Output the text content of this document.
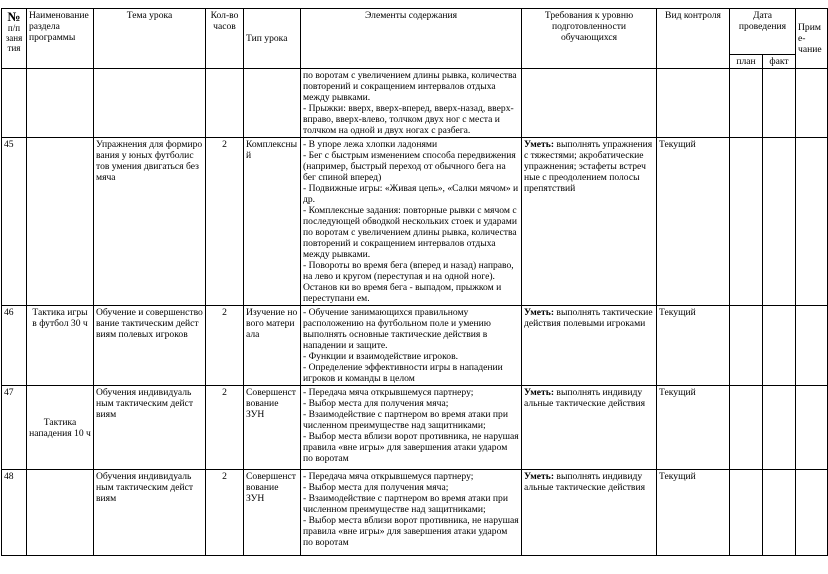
№
п/п занятия	Наименование раздела программы	Тема урока	Кол-во часов	Тип урока	Элементы содержания	Требования к уровню подготовленности обучающихся	Вид контроля	Дата проведения		Приме-чание
								план	факт	

					по воротам с увеличением длины рывка, количества повторений и сокращением интервалов отдыха между рывками.
- Прыжки: вверх, вверх-вперед, вверх-назад, вверх-вправо, вверх-влево, толчком двух ног с места и толчком на одной и двух ногах с разбега.					

45		Упражнения для формиро вания у юных футболис тов умения двигаться без мяча	2	Комплексный	- В упоре лежа хлопки ладонями
- Бег с быстрым изменением способа передвижения (например, быстрый переход от обычного бега на бег спиной вперед)
- Подвижные игры: «Живая цепь», «Салки мячом» и др.
- Комплексные задания: повторные рывки с мячом с последующей обводкой нескольких стоек и ударами по воротам с увеличением длины рывка, количества повторений и сокращением интервалов отдыха между рывками.
- Повороты во время бега (вперед и назад) направо, на лево и кругом (переступая и на одной ноге). Останов ки во время бега - выпадом, прыжком и переступани ем.	Уметь: выполнять упражнения с тяжестями; акробатические упражнения; эстафеты встреч ные с преодолением полосы препятствий	Текущий			
46	Тактика игры в футбол 30 ч	Обучение и совершенство вание тактическим дейст виям полевых игроков	2	Изучение но вого матери ала	- Обучение занимающихся правильному расположению на футбольном поле и умению выполнять основные тактические действия в нападении и защите.
- Функции и взаимодействие игроков.
- Определение эффективности игры в нападении игроков и команды в целом	Уметь: выполнять тактические действия полевыми игроками	Текущий			
47	Тактика нападения 10 ч	Обучения индивидуаль ным тактическим дейст виям	2	Совершенст вование ЗУН	- Передача мяча открывшемуся партнеру;
- Выбор места для получения мяча;
- Взаимодействие с партнером во время атаки при численном преимуществе над защитниками;
- Выбор места вблизи ворот противника, не нарушая правила «вне игры» для завершения атаки ударом по воротам	Уметь: выполнять индивиду альные тактические действия	Текущий			
48		Обучения индивидуаль ным тактическим дейст виям	2	Совершенст вование ЗУН	- Передача мяча открывшемуся партнеру;
- Выбор места для получения мяча;
- Взаимодействие с партнером во время атаки при численном преимуществе над защитниками;
- Выбор места вблизи ворот противника, не нарушая правила «вне игры» для завершения атаки ударом по воротам	Уметь: выполнять индивиду альные тактические действия	Текущий			
